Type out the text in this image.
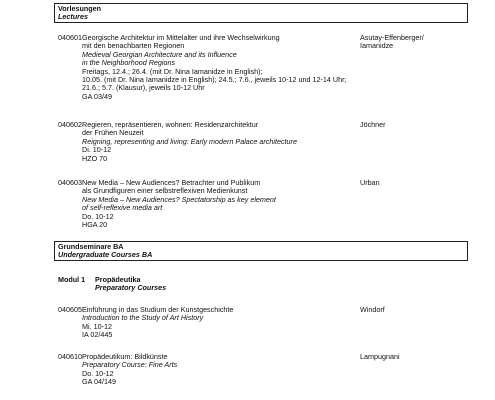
Vorlesungen
Lectures
040601 Georgische Architektur im Mittelalter und ihre Wechselwirkung
mit den benachbarten Regionen
Medieval Georgian Architecture and its Influence
in the Neighborhood Regions
Freitags, 12.4.; 26.4. (mit Dr. Nina Iamanidze in English);
10.05. (mit Dr. Nina Iamanidze in English); 24.5.; 7.6., jeweils 10-12 und 12-14 Uhr;
21.6.; 5.7. (Klausur), jeweils 10-12 Uhr
GA 03/49
Asutay-Effenberger/
Iamanidze
040602 Regieren, repräsentieren, wohnen: Residenzarchitektur
der Frühen Neuzeit
Reigning, representing and living: Early modern Palace architecture
Di. 10-12
HZO 70
Jöchner
040603 New Media – New Audiences? Betrachter und Publikum
als Grundfiguren einer selbstreflexiven Medienkunst
New Media – New Audiences? Spectatorship as key element
of self-reflexive media art
Do. 10-12
HGA 20
Urban
Grundseminare BA
Undergraduate Courses BA
Modul 1 Propädeutika
Preparatory Courses
040605 Einführung in das Studium der Kunstgeschichte
Introduction to the Study of Art History
Mi. 10-12
IA 02/445
Windorf
040610 Propädeutikum: Bildkünste
Preparatory Course: Fine Arts
Do. 10-12
GA 04/149
Lampugnani
